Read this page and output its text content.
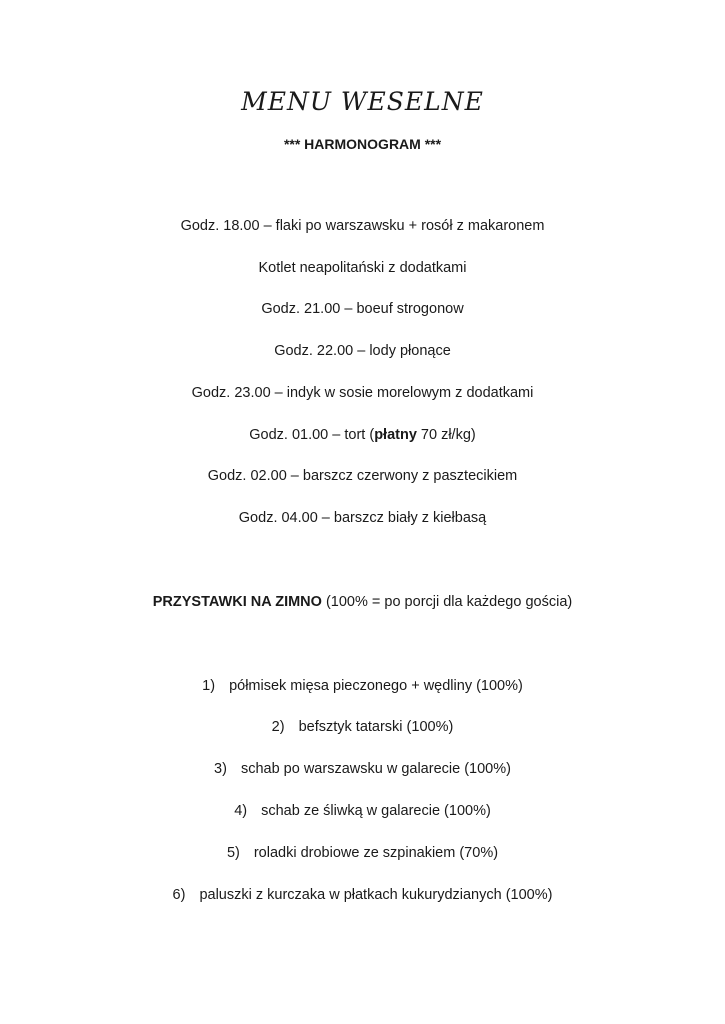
MENU WESELNE
*** HARMONOGRAM ***
Godz. 18.00 – flaki po warszawsku + rosół z makaronem
Kotlet neapolitański z dodatkami
Godz. 21.00 – boeuf strogonow
Godz. 22.00 – lody płonące
Godz. 23.00 – indyk w sosie morelowym z dodatkami
Godz. 01.00 – tort (płatny 70 zł/kg)
Godz. 02.00 – barszcz czerwony z pasztecikiem
Godz. 04.00 – barszcz biały z kiełbasą
PRZYSTAWKI NA ZIMNO (100% = po porcji dla każdego gościa)
1) półmisek mięsa pieczonego + wędliny (100%)
2) befsztyk tatarski (100%)
3) schab po warszawsku w galarecie (100%)
4) schab ze śliwką w galarecie (100%)
5) roladki drobiowe ze szpinakiem (70%)
6) paluszki z kurczaka w płatkach kukurydzianych (100%)
